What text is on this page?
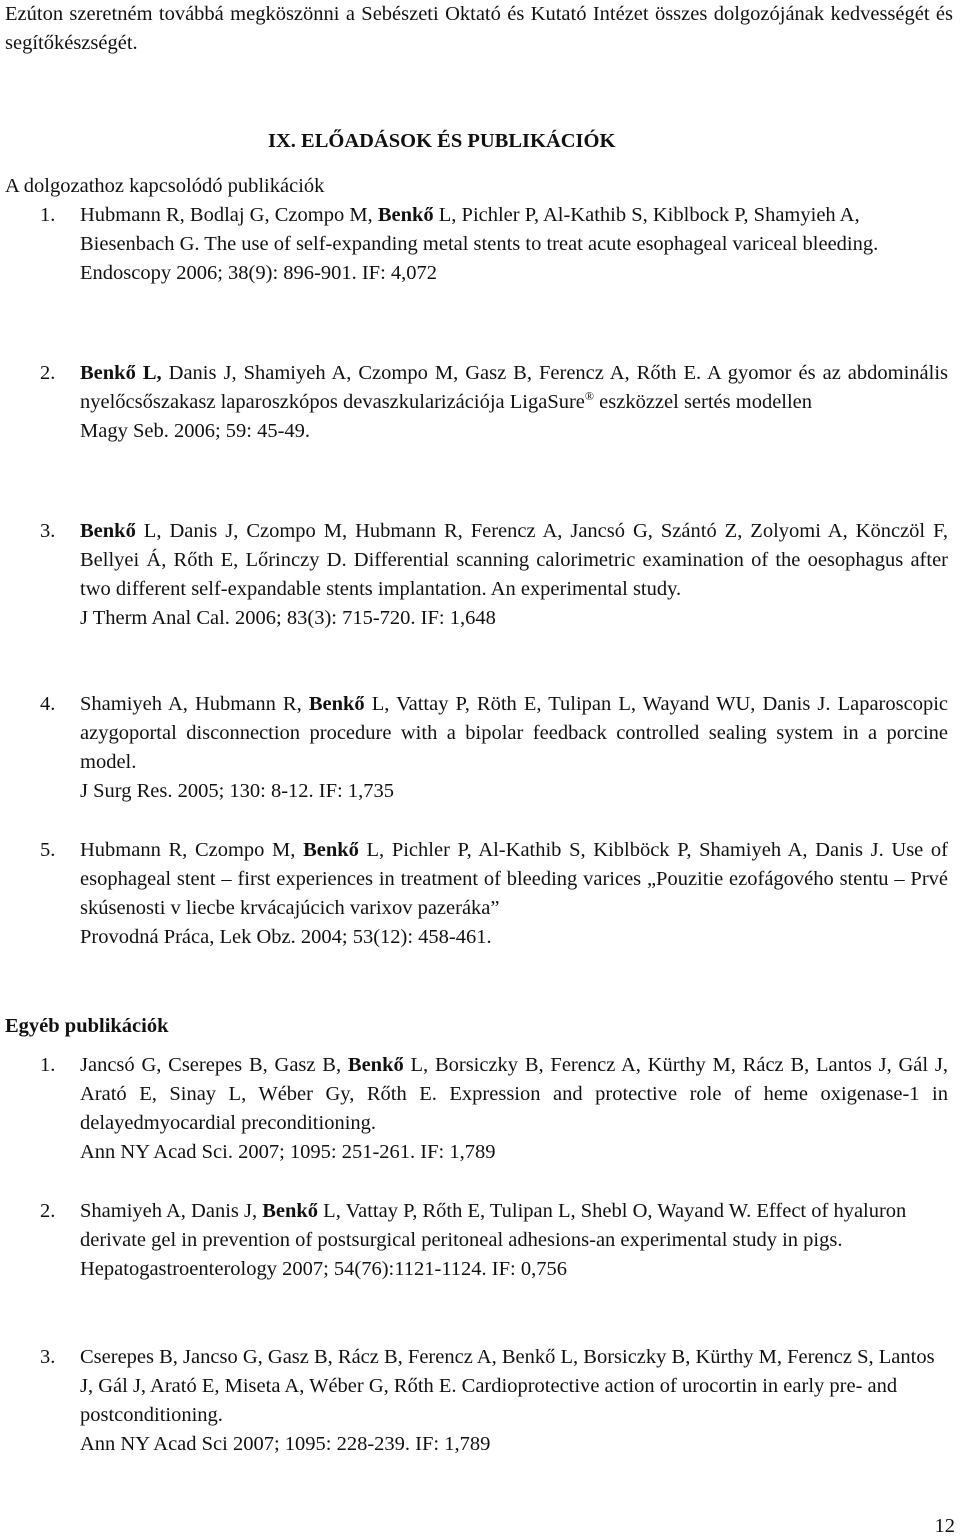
Ezúton szeretném továbbá megköszönni a Sebészeti Oktató és Kutató Intézet összes dolgozójának kedvességét és segítőkészségét.
IX. ELŐADÁSOK ÉS PUBLIKÁCIÓK
A dolgozathoz kapcsolódó publikációk
1.	Hubmann R, Bodlaj G, Czompo M, Benkő L, Pichler P, Al-Kathib S, Kiblbock P, Shamyieh A, Biesenbach G. The use of self-expanding metal stents to treat acute esophageal variceal bleeding.

Endoscopy 2006; 38(9): 896-901. IF: 4,072

2.	Benkő L, Danis J, Shamiyeh A, Czompo M, Gasz B, Ferencz A, Rőth E. A gyomor és az abdominális nyelőcsőszakasz laparoszkópos devaszkularizációja LigaSure® eszközzel sertés modellen

Magy Seb. 2006; 59: 45-49.

3.	Benkő L, Danis J, Czompo M, Hubmann R, Ferencz A, Jancsó G, Szántó Z, Zolyomi A, Könczöl F, Bellyei Á, Rőth E, Lőrinczy D. Differential scanning calorimetric examination of the oesophagus after two different self-expandable stents implantation. An experimental study.

J Therm Anal Cal. 2006; 83(3): 715-720. IF: 1,648

4.	Shamiyeh A, Hubmann R, Benkő L, Vattay P, Röth E, Tulipan L, Wayand WU, Danis J. Laparoscopic azygoportal disconnection procedure with a bipolar feedback controlled sealing system in a porcine model.

J Surg Res. 2005; 130: 8-12. IF: 1,735

5.	Hubmann R, Czompo M, Benkő L, Pichler P, Al-Kathib S, Kiblböck P, Shamiyeh A, Danis J. Use of esophageal stent – first experiences in treatment of bleeding varices „Pouzitie ezofágového stentu – Prvé skúsenosti v liecbe krvácajúcich varixov pazeráka”

Provodná Práca, Lek Obz. 2004; 53(12): 458-461.

Egyéb publikációk
1.	Jancsó G, Cserepes B, Gasz B, Benkő L, Borsiczky B, Ferencz A, Kürthy M, Rácz B, Lantos J, Gál J, Arató E, Sinay L, Wéber Gy, Rőth E. Expression and protective role of heme oxigenase-1 in delayedmyocardial preconditioning.

Ann NY Acad Sci. 2007; 1095: 251-261. IF: 1,789

2.	Shamiyeh A, Danis J, Benkő L, Vattay P, Rőth E, Tulipan L, Shebl O, Wayand W. Effect of hyaluron derivate gel in prevention of postsurgical peritoneal adhesions-an experimental study in pigs.

Hepatogastroenterology 2007; 54(76):1121-1124. IF: 0,756

3.	Cserepes B, Jancso G, Gasz B, Rácz B, Ferencz A, Benkő L, Borsiczky B, Kürthy M, Ferencz S, Lantos J, Gál J, Arató E, Miseta A, Wéber G, Rőth E. Cardioprotective action of urocortin in early pre- and postconditioning.

Ann NY Acad Sci 2007; 1095: 228-239. IF: 1,789

12
